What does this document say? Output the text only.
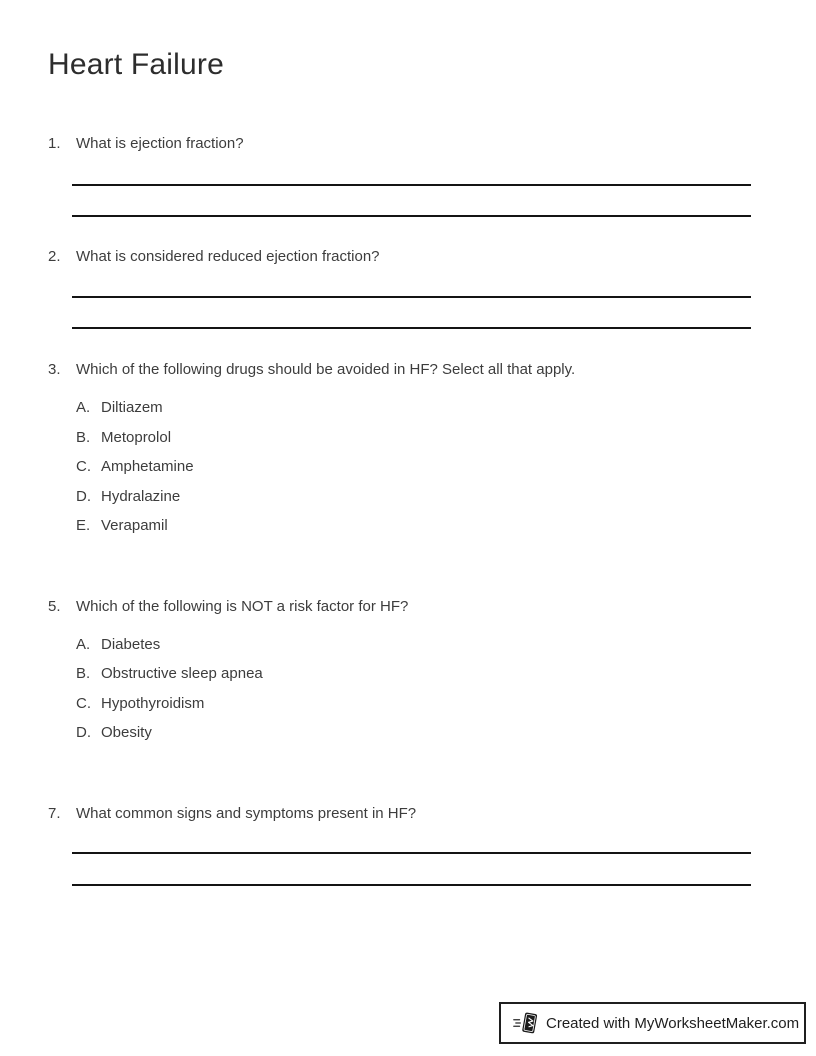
Heart Failure
1.	What is ejection fraction?
2.	What is considered reduced ejection fraction?
3.	Which of the following drugs should be avoided in HF? Select all that apply.
A. Diltiazem
B. Metoprolol
C. Amphetamine
D. Hydralazine
E. Verapamil
5.	Which of the following is NOT a risk factor for HF?
A. Diabetes
B. Obstructive sleep apnea
C. Hypothyroidism
D. Obesity
7.	What common signs and symptoms present in HF?
Created with MyWorksheetMaker.com
